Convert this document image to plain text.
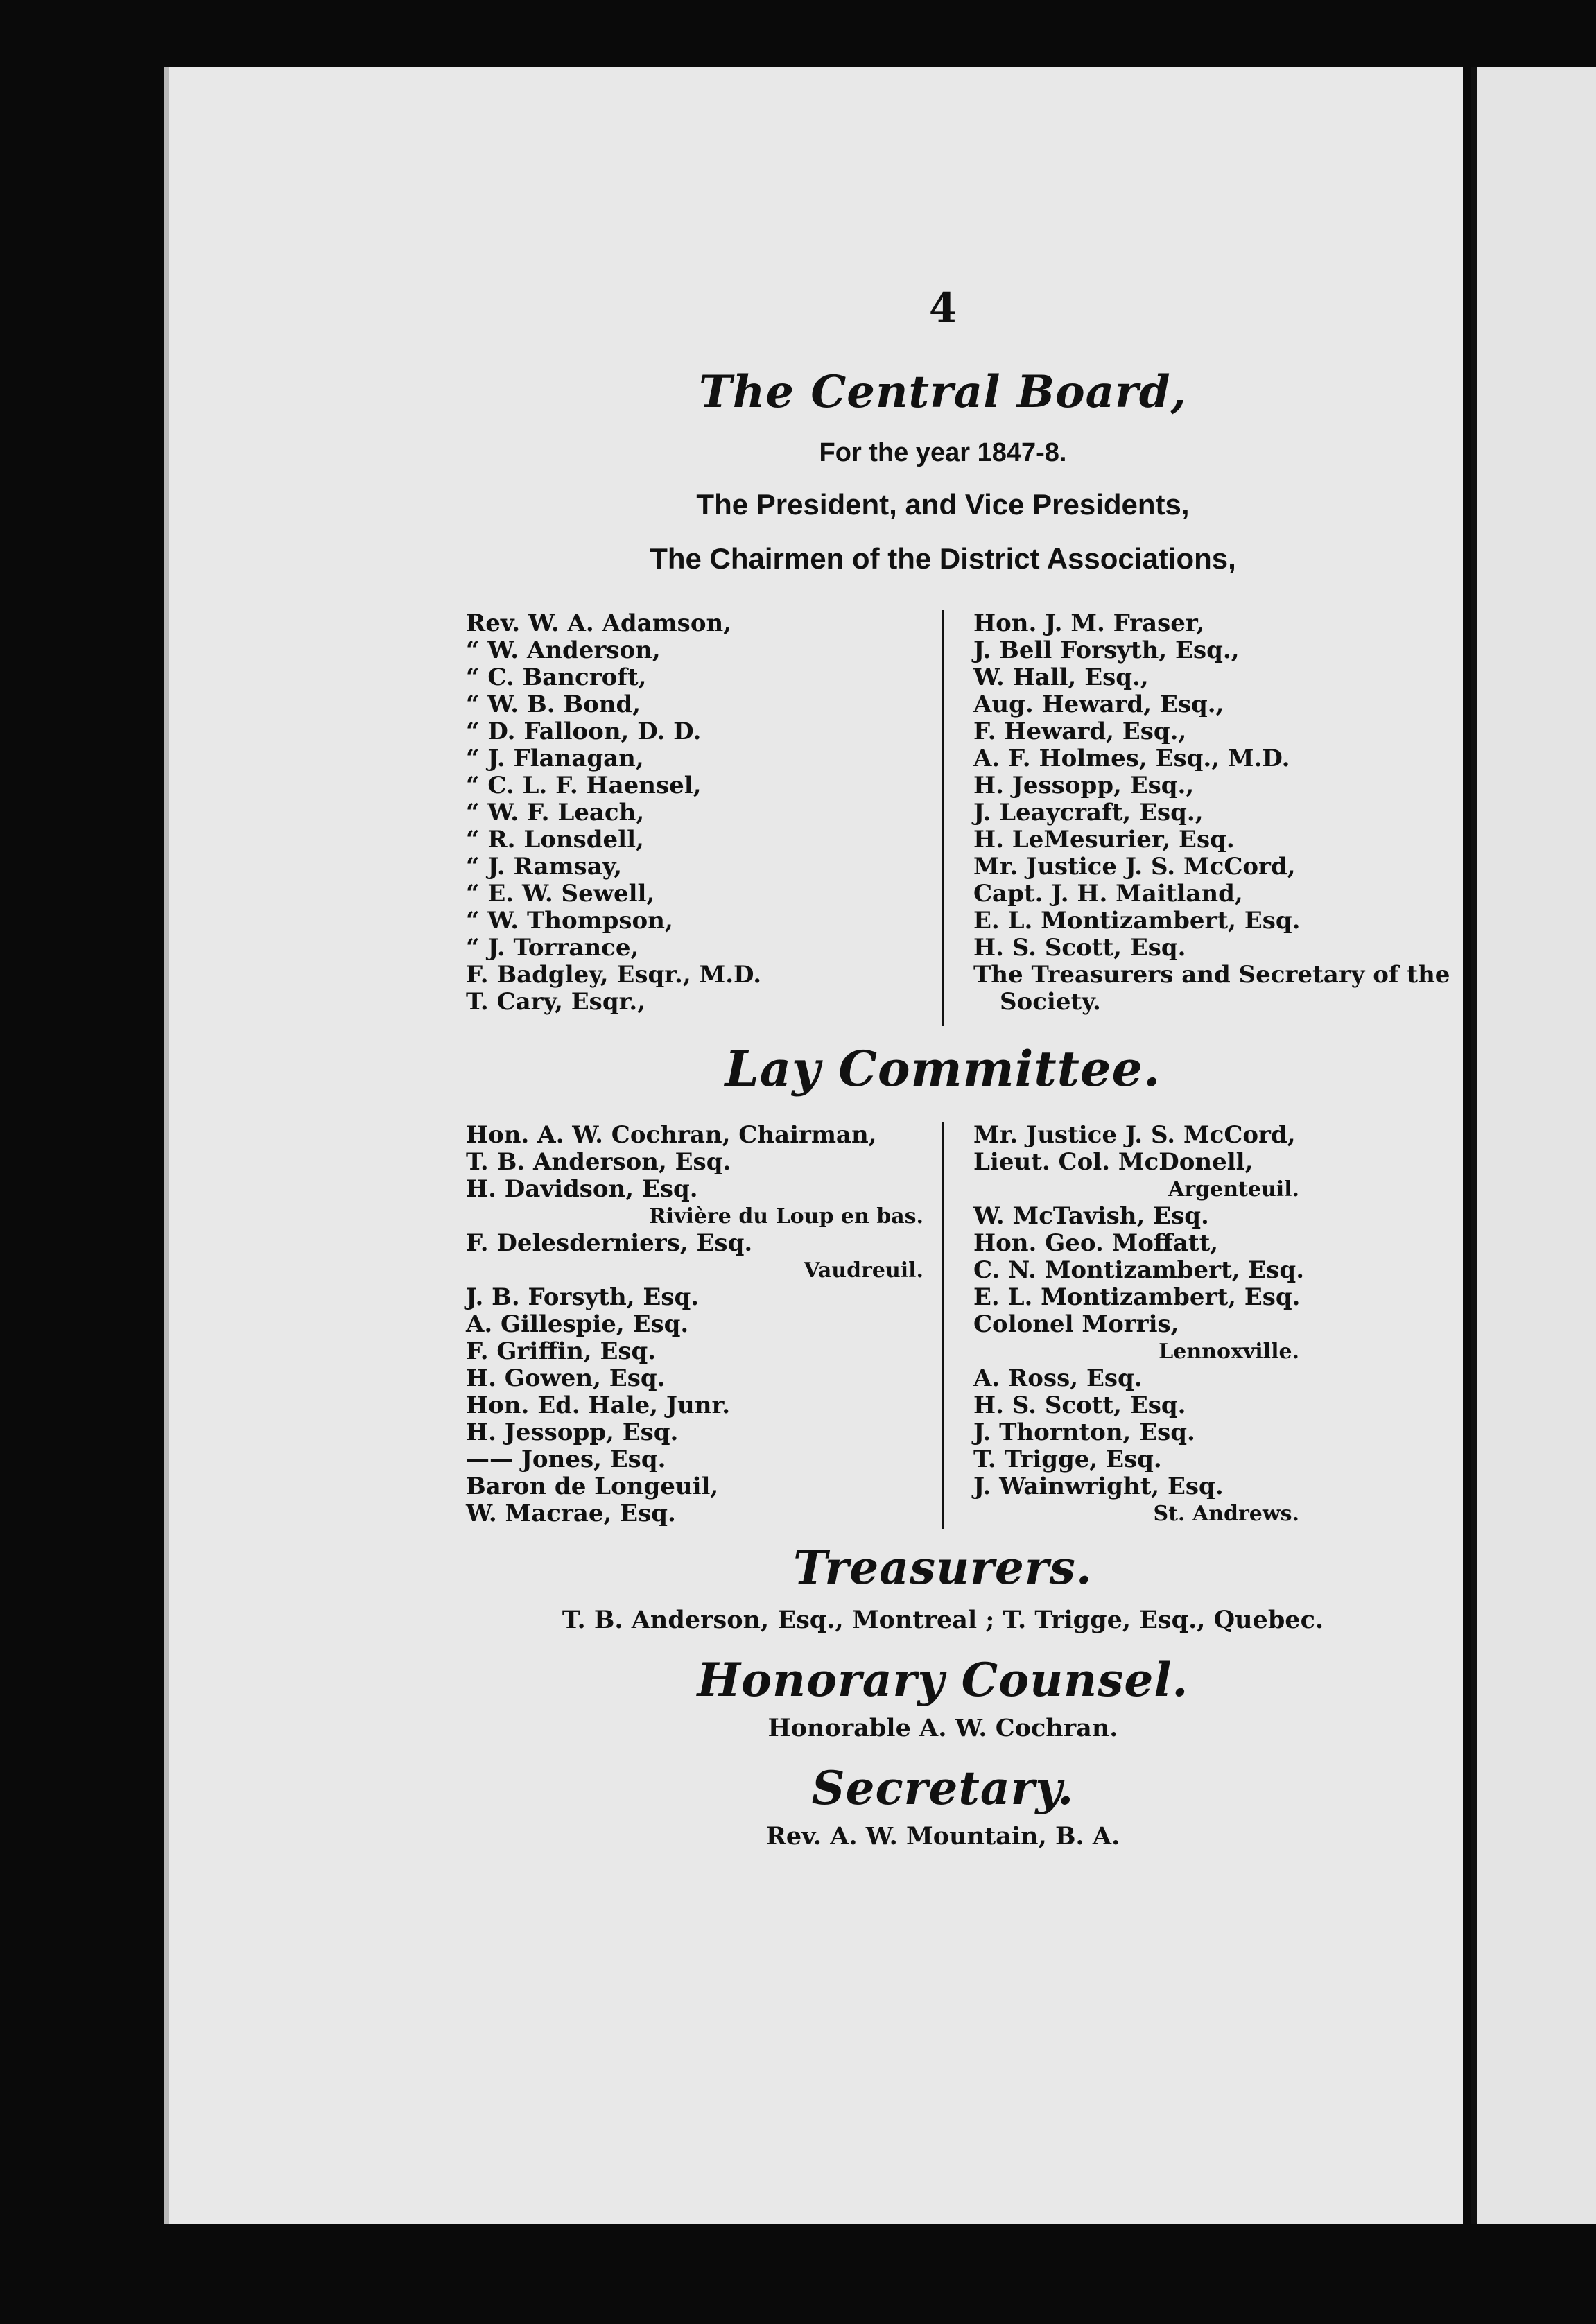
4
The Central Board,
For the year 1847-8.
The President, and Vice Presidents,
The Chairmen of the District Associations,
Rev. W. A. Adamson,
“ W. Anderson,
“ C. Bancroft,
“ W. B. Bond,
“ D. Falloon, D. D.
“ J. Flanagan,
“ C. L. F. Haensel,
“ W. F. Leach,
“ R. Lonsdell,
“ J. Ramsay,
“ E. W. Sewell,
“ W. Thompson,
“ J. Torrance,
F. Badgley, Esqr., M.D.
T. Cary, Esqr.,
Hon. J. M. Fraser,
J. Bell Forsyth, Esq.,
W. Hall, Esq.,
Aug. Heward, Esq.,
F. Heward, Esq.,
A. F. Holmes, Esq., M.D.
H. Jessopp, Esq.,
J. Leaycraft, Esq.,
H. LeMesurier, Esq.
Mr. Justice J. S. McCord,
Capt. J. H. Maitland,
E. L. Montizambert, Esq.
H. S. Scott, Esq.
The Treasurers and Secretary of the
Society.
Lay Committee.
Hon. A. W. Cochran, Chairman,
T. B. Anderson, Esq.
H. Davidson, Esq.
Rivière du Loup en bas.
F. Delesderniers, Esq.
Vaudreuil.
J. B. Forsyth, Esq.
A. Gillespie, Esq.
F. Griffin, Esq.
H. Gowen, Esq.
Hon. Ed. Hale, Junr.
H. Jessopp, Esq.
—— Jones, Esq.
Baron de Longeuil,
W. Macrae, Esq.
Mr. Justice J. S. McCord,
Lieut. Col. McDonell,
Argenteuil.
W. McTavish, Esq.
Hon. Geo. Moffatt,
C. N. Montizambert, Esq.
E. L. Montizambert, Esq.
Colonel Morris,
Lennoxville.
A. Ross, Esq.
H. S. Scott, Esq.
J. Thornton, Esq.
T. Trigge, Esq.
J. Wainwright, Esq.
St. Andrews.
Treasurers.
T. B. Anderson, Esq., Montreal ; T. Trigge, Esq., Quebec.
Honorary Counsel.
Honorable A. W. Cochran.
Secretary.
Rev. A. W. Mountain, B. A.
